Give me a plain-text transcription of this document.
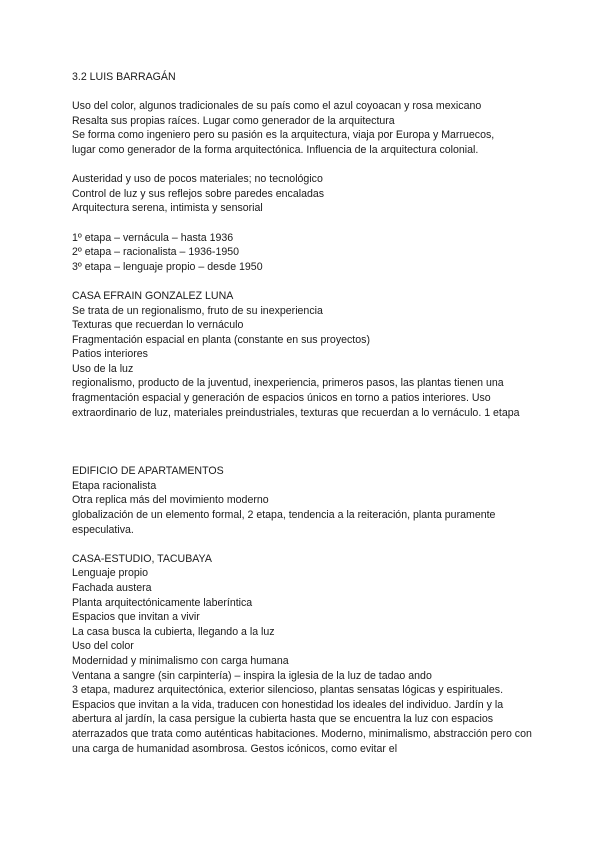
3.2 LUIS BARRAGÁN
Uso del color, algunos tradicionales de su país como el azul coyoacan y rosa mexicano
Resalta sus propias raíces. Lugar como generador de la arquitectura
Se forma como ingeniero pero su pasión es la arquitectura, viaja por Europa y Marruecos,
lugar como generador de la forma arquitectónica. Influencia de la arquitectura colonial.
Austeridad y uso de pocos materiales; no tecnológico
Control de luz y sus reflejos sobre paredes encaladas
Arquitectura serena, intimista y sensorial
1º etapa – vernácula – hasta 1936
2º etapa – racionalista – 1936-1950
3º etapa – lenguaje propio – desde 1950
CASA EFRAIN GONZALEZ LUNA
Se trata de un regionalismo, fruto de su inexperiencia
Texturas que recuerdan lo vernáculo
Fragmentación espacial en planta (constante en sus proyectos)
Patios interiores
Uso de la luz
regionalismo, producto de la juventud, inexperiencia, primeros pasos, las plantas tienen una fragmentación espacial y generación de espacios únicos en torno a patios interiores. Uso extraordinario de luz, materiales preindustriales, texturas que recuerdan a lo vernáculo. 1 etapa
EDIFICIO DE APARTAMENTOS
Etapa racionalista
Otra replica más del movimiento moderno
globalización de un elemento formal, 2 etapa, tendencia a la reiteración, planta puramente especulativa.
CASA-ESTUDIO, TACUBAYA
Lenguaje propio
Fachada austera
Planta arquitectónicamente laberíntica
Espacios que invitan a vivir
La casa busca la cubierta, llegando a la luz
Uso del color
Modernidad y minimalismo con carga humana
Ventana a sangre (sin carpintería) – inspira la iglesia de la luz de tadao ando
3 etapa, madurez arquitectónica, exterior silencioso, plantas sensatas lógicas y espirituales. Espacios que invitan a la vida, traducen con honestidad los ideales del individuo. Jardín y la abertura al jardín, la casa persigue la cubierta hasta que se encuentra la luz con espacios aterrazados que trata como auténticas habitaciones. Moderno, minimalismo, abstracción pero con una carga de humanidad asombrosa. Gestos icónicos, como evitar el
